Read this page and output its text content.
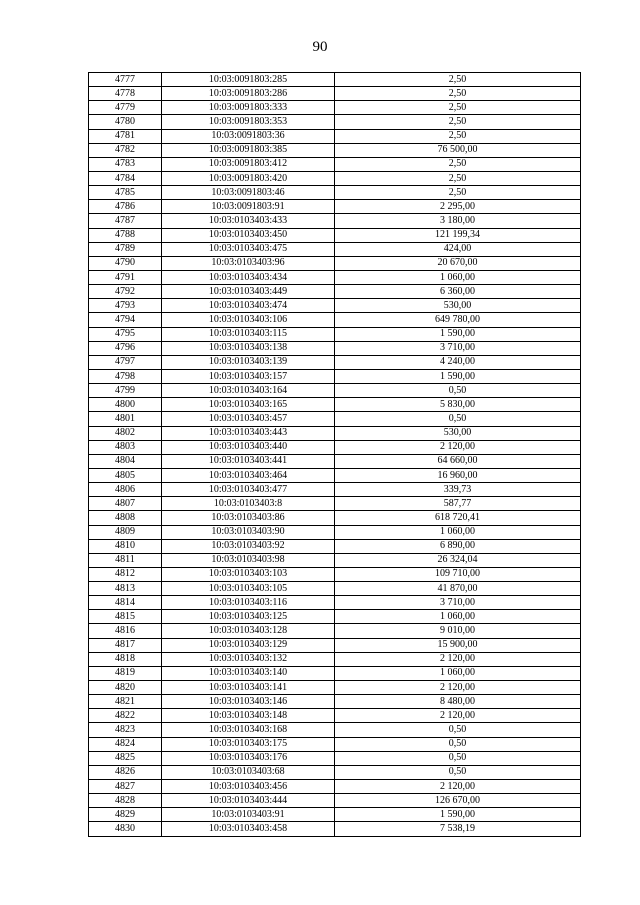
90
4777	10:03:0091803:285	2,50
4778	10:03:0091803:286	2,50
4779	10:03:0091803:333	2,50
4780	10:03:0091803:353	2,50
4781	10:03:0091803:36	2,50
4782	10:03:0091803:385	76 500,00
4783	10:03:0091803:412	2,50
4784	10:03:0091803:420	2,50
4785	10:03:0091803:46	2,50
4786	10:03:0091803:91	2 295,00
4787	10:03:0103403:433	3 180,00
4788	10:03:0103403:450	121 199,34
4789	10:03:0103403:475	424,00
4790	10:03:0103403:96	20 670,00
4791	10:03:0103403:434	1 060,00
4792	10:03:0103403:449	6 360,00
4793	10:03:0103403:474	530,00
4794	10:03:0103403:106	649 780,00
4795	10:03:0103403:115	1 590,00
4796	10:03:0103403:138	3 710,00
4797	10:03:0103403:139	4 240,00
4798	10:03:0103403:157	1 590,00
4799	10:03:0103403:164	0,50
4800	10:03:0103403:165	5 830,00
4801	10:03:0103403:457	0,50
4802	10:03:0103403:443	530,00
4803	10:03:0103403:440	2 120,00
4804	10:03:0103403:441	64 660,00
4805	10:03:0103403:464	16 960,00
4806	10:03:0103403:477	339,73
4807	10:03:0103403:8	587,77
4808	10:03:0103403:86	618 720,41
4809	10:03:0103403:90	1 060,00
4810	10:03:0103403:92	6 890,00
4811	10:03:0103403:98	26 324,04
4812	10:03:0103403:103	109 710,00
4813	10:03:0103403:105	41 870,00
4814	10:03:0103403:116	3 710,00
4815	10:03:0103403:125	1 060,00
4816	10:03:0103403:128	9 010,00
4817	10:03:0103403:129	15 900,00
4818	10:03:0103403:132	2 120,00
4819	10:03:0103403:140	1 060,00
4820	10:03:0103403:141	2 120,00
4821	10:03:0103403:146	8 480,00
4822	10:03:0103403:148	2 120,00
4823	10:03:0103403:168	0,50
4824	10:03:0103403:175	0,50
4825	10:03:0103403:176	0,50
4826	10:03:0103403:68	0,50
4827	10:03:0103403:456	2 120,00
4828	10:03:0103403:444	126 670,00
4829	10:03:0103403:91	1 590,00
4830	10:03:0103403:458	7 538,19
